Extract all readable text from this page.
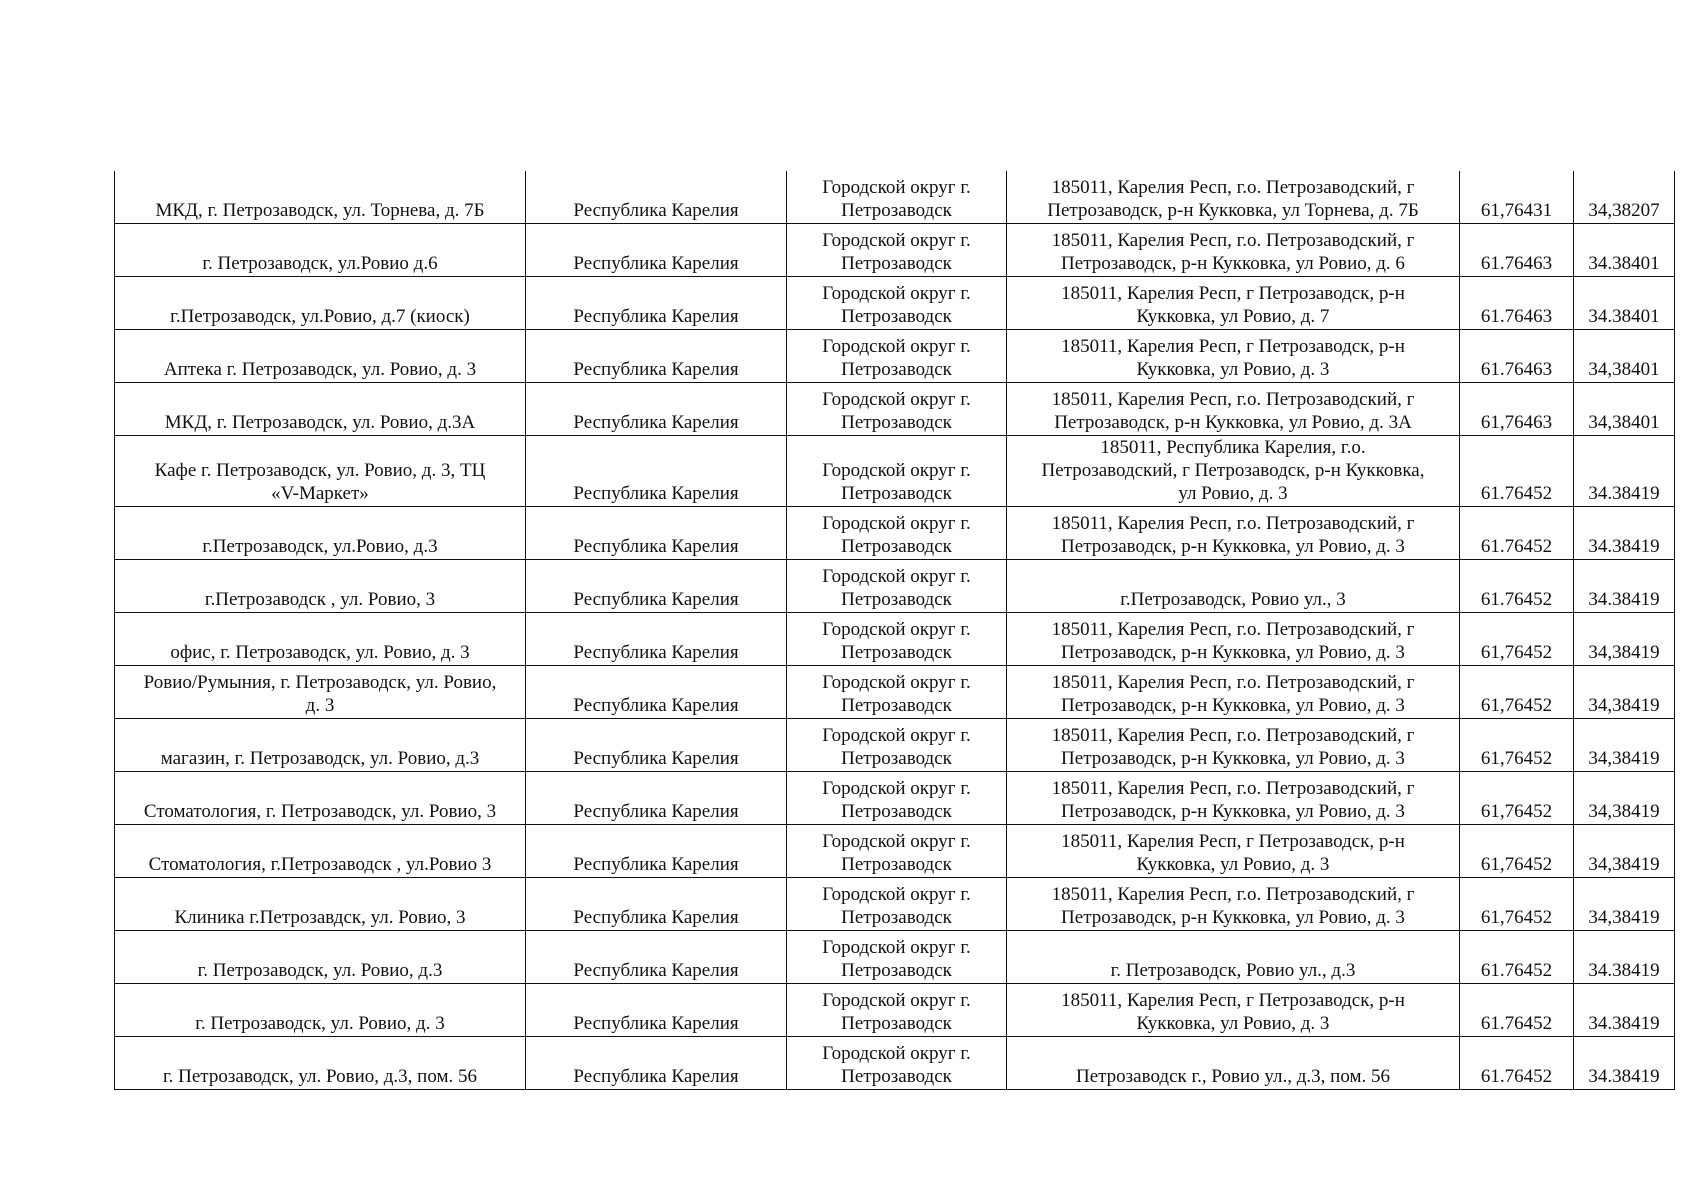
МКД, г. Петрозаводск, ул. Торнева, д. 7Б	Республика Карелия	Городской округ г.
Петрозаводск	185011, Карелия Респ, г.о. Петрозаводский, г
Петрозаводск, р-н Кукковка, ул Торнева, д. 7Б	61,76431	34,38207
г. Петрозаводск, ул.Ровио д.6	Республика Карелия	Городской округ г.
Петрозаводск	185011, Карелия Респ, г.о. Петрозаводский, г
Петрозаводск, р-н Кукковка, ул Ровио, д. 6	61.76463	34.38401
г.Петрозаводск, ул.Ровио, д.7 (киоск)	Республика Карелия	Городской округ г.
Петрозаводск	185011, Карелия Респ, г Петрозаводск, р-н
Кукковка, ул Ровио, д. 7	61.76463	34.38401
Аптека г. Петрозаводск, ул. Ровио, д. 3	Республика Карелия	Городской округ г.
Петрозаводск	185011, Карелия Респ, г Петрозаводск, р-н
Кукковка, ул Ровио, д. 3	61.76463	34,38401
МКД, г. Петрозаводск, ул. Ровио, д.3А	Республика Карелия	Городской округ г.
Петрозаводск	185011, Карелия Респ, г.о. Петрозаводский, г
Петрозаводск, р-н Кукковка, ул Ровио, д. 3А	61,76463	34,38401
Кафе г. Петрозаводск, ул. Ровио, д. 3, ТЦ
«V-Маркет»	Республика Карелия	Городской округ г.
Петрозаводск	185011, Республика Карелия, г.о.
Петрозаводский, г Петрозаводск, р-н Кукковка,
ул Ровио, д. 3	61.76452	34.38419
г.Петрозаводск, ул.Ровио, д.3	Республика Карелия	Городской округ г.
Петрозаводск	185011, Карелия Респ, г.о. Петрозаводский, г
Петрозаводск, р-н Кукковка, ул Ровио, д. 3	61.76452	34.38419
г.Петрозаводск , ул. Ровио, 3	Республика Карелия	Городской округ г.
Петрозаводск	г.Петрозаводск, Ровио ул., 3	61.76452	34.38419
офис, г. Петрозаводск, ул. Ровио, д. 3	Республика Карелия	Городской округ г.
Петрозаводск	185011, Карелия Респ, г.о. Петрозаводский, г
Петрозаводск, р-н Кукковка, ул Ровио, д. 3	61,76452	34,38419
Ровио/Румыния, г. Петрозаводск, ул. Ровио,
д. 3	Республика Карелия	Городской округ г.
Петрозаводск	185011, Карелия Респ, г.о. Петрозаводский, г
Петрозаводск, р-н Кукковка, ул Ровио, д. 3	61,76452	34,38419
магазин, г. Петрозаводск, ул. Ровио, д.3	Республика Карелия	Городской округ г.
Петрозаводск	185011, Карелия Респ, г.о. Петрозаводский, г
Петрозаводск, р-н Кукковка, ул Ровио, д. 3	61,76452	34,38419
Стоматология, г. Петрозаводск, ул. Ровио, 3	Республика Карелия	Городской округ г.
Петрозаводск	185011, Карелия Респ, г.о. Петрозаводский, г
Петрозаводск, р-н Кукковка, ул Ровио, д. 3	61,76452	34,38419
Стоматология, г.Петрозаводск , ул.Ровио 3	Республика Карелия	Городской округ г.
Петрозаводск	185011, Карелия Респ, г Петрозаводск, р-н
Кукковка, ул Ровио, д. 3	61,76452	34,38419
Клиника г.Петрозавдск, ул. Ровио, 3	Республика Карелия	Городской округ г.
Петрозаводск	185011, Карелия Респ, г.о. Петрозаводский, г
Петрозаводск, р-н Кукковка, ул Ровио, д. 3	61,76452	34,38419
г. Петрозаводск, ул. Ровио, д.3	Республика Карелия	Городской округ г.
Петрозаводск	г. Петрозаводск, Ровио ул., д.3	61.76452	34.38419
г. Петрозаводск, ул. Ровио, д. 3	Республика Карелия	Городской округ г.
Петрозаводск	185011, Карелия Респ, г Петрозаводск, р-н
Кукковка, ул Ровио, д. 3	61.76452	34.38419
г. Петрозаводск, ул. Ровио, д.3, пом. 56	Республика Карелия	Городской округ г.
Петрозаводск	Петрозаводск г., Ровио ул., д.3, пом. 56	61.76452	34.38419
